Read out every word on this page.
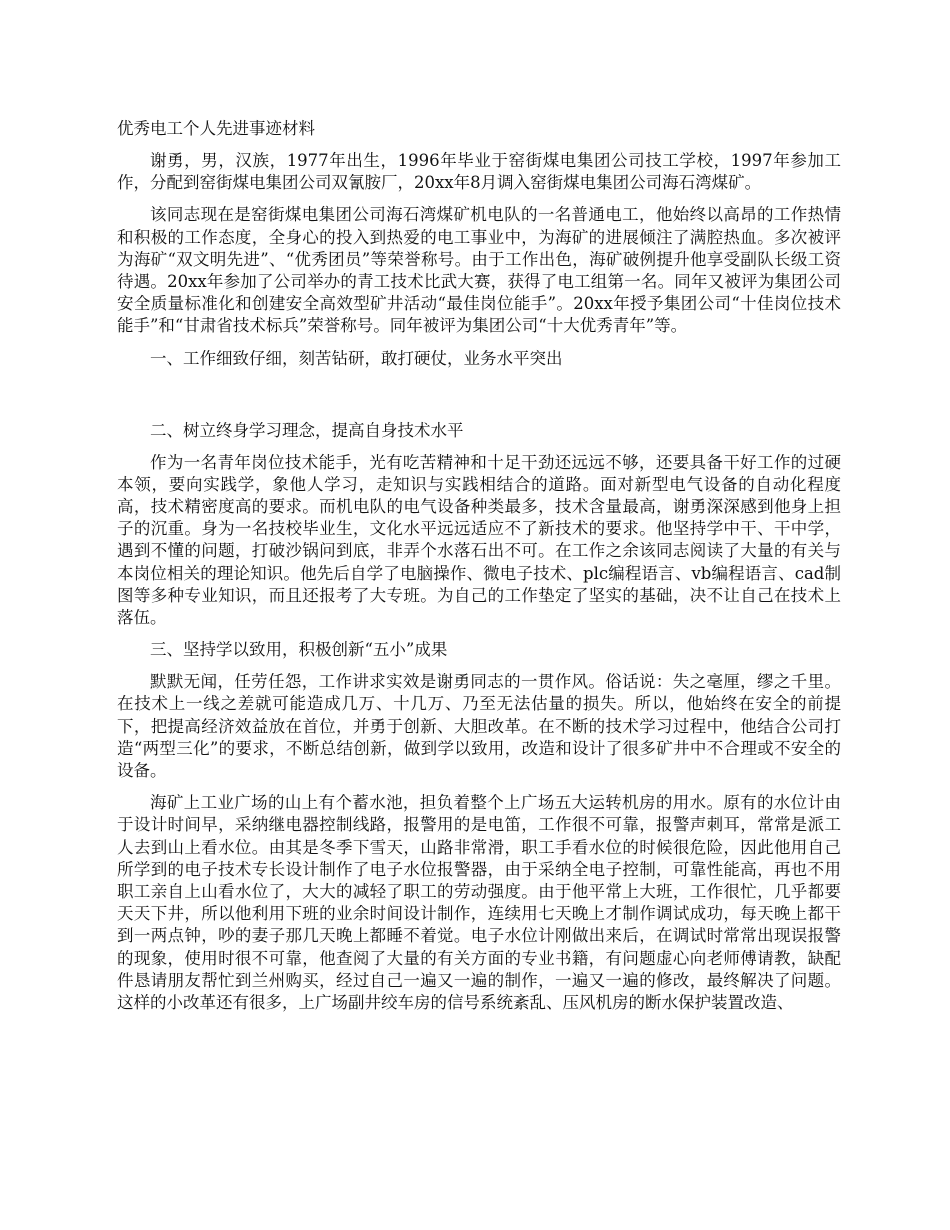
优秀电工个人先进事迹材料

谢勇，男，汉族，1977年出生，1996年毕业于窑街煤电集团公司技工学校，1997年参加工作，分配到窑街煤电集团公司双氰胺厂，20xx年8月调入窑街煤电集团公司海石湾煤矿。

该同志现在是窑街煤电集团公司海石湾煤矿机电队的一名普通电工，他始终以高昂的工作热情和积极的工作态度，全身心的投入到热爱的电工事业中，为海矿的进展倾注了满腔热血。多次被评为海矿“双文明先进”、“优秀团员”等荣誉称号。由于工作出色，海矿破例提升他享受副队长级工资待遇。20xx年参加了公司举办的青工技术比武大赛，获得了电工组第一名。同年又被评为集团公司安全质量标准化和创建安全高效型矿井活动“最佳岗位能手”。20xx年授予集团公司“十佳岗位技术能手”和“甘肃省技术标兵”荣誉称号。同年被评为集团公司“十大优秀青年”等。

一、工作细致仔细，刻苦钻研，敢打硬仗，业务水平突出
二、树立终身学习理念，提高自身技术水平

作为一名青年岗位技术能手，光有吃苦精神和十足干劲还远远不够，还要具备干好工作的过硬本领，要向实践学，象他人学习，走知识与实践相结合的道路。面对新型电气设备的自动化程度高，技术精密度高的要求。而机电队的电气设备种类最多，技术含量最高，谢勇深深感到他身上担子的沉重。身为一名技校毕业生，文化水平远远适应不了新技术的要求。他坚持学中干、干中学，遇到不懂的问题，打破沙锅问到底，非弄个水落石出不可。在工作之余该同志阅读了大量的有关与本岗位相关的理论知识。他先后自学了电脑操作、微电子技术、plc编程语言、vb编程语言、cad制图等多种专业知识，而且还报考了大专班。为自己的工作垫定了坚实的基础，决不让自己在技术上落伍。

三、坚持学以致用，积极创新“五小”成果

默默无闻，任劳任怨，工作讲求实效是谢勇同志的一贯作风。俗话说：失之毫厘，缪之千里。在技术上一线之差就可能造成几万、十几万、乃至无法估量的损失。所以，他始终在安全的前提下，把提高经济效益放在首位，并勇于创新、大胆改革。在不断的技术学习过程中，他结合公司打造“两型三化”的要求，不断总结创新，做到学以致用，改造和设计了很多矿井中不合理或不安全的设备。

海矿上工业广场的山上有个蓄水池，担负着整个上广场五大运转机房的用水。原有的水位计由于设计时间早，采纳继电器控制线路，报警用的是电笛，工作很不可靠，报警声刺耳，常常是派工人去到山上看水位。由其是冬季下雪天，山路非常滑，职工手看水位的时候很危险，因此他用自己所学到的电子技术专长设计制作了电子水位报警器，由于采纳全电子控制，可靠性能高，再也不用职工亲自上山看水位了，大大的减轻了职工的劳动强度。由于他平常上大班，工作很忙，几乎都要天天下井，所以他利用下班的业余时间设计制作，连续用七天晚上才制作调试成功，每天晚上都干到一两点钟，吵的妻子那几天晚上都睡不着觉。电子水位计刚做出来后，在调试时常常出现误报警的现象，使用时很不可靠，他查阅了大量的有关方面的专业书籍，有问题虚心向老师傅请教，缺配件恳请朋友帮忙到兰州购买，经过自己一遍又一遍的制作，一遍又一遍的修改，最终解决了问题。这样的小改革还有很多，上广场副井绞车房的信号系统紊乱、压风机房的断水保护装置改造、
